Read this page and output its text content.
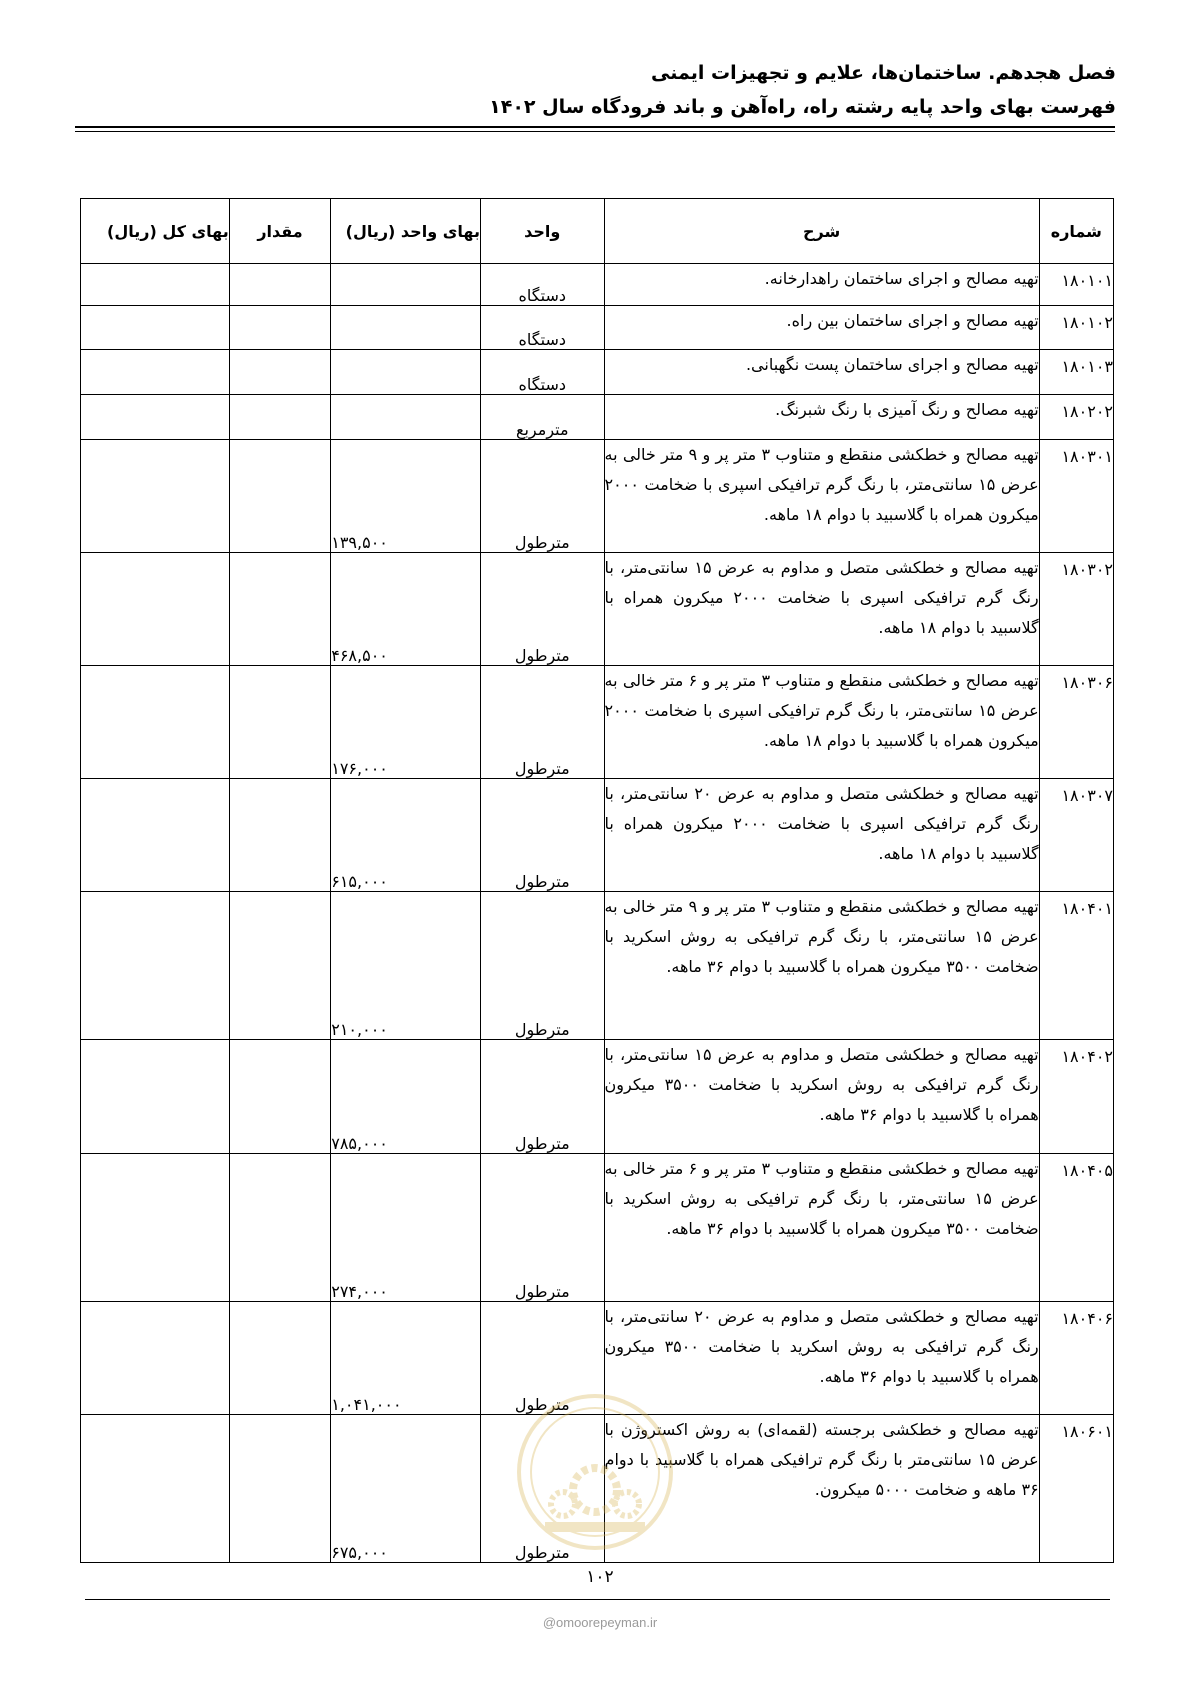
فصل هجدهم. ساختمان‌ها، علایم و تجهیزات ایمنی
فهرست بهای واحد پایه رشته راه، راه‌آهن و باند فرودگاه سال ۱۴۰۲
شماره	شرح	واحد	بهای واحد (ریال)	مقدار	بهای کل (ریال)
۱۸۰۱۰۱	تهیه مصالح و اجرای ساختمان راهدارخانه.	دستگاه			
۱۸۰۱۰۲	تهیه مصالح و اجرای ساختمان بین راه.	دستگاه			
۱۸۰۱۰۳	تهیه مصالح و اجرای ساختمان پست نگهبانی.	دستگاه			
۱۸۰۲۰۲	تهیه مصالح و رنگ آمیزی با رنگ شبرنگ.	مترمربع			
۱۸۰۳۰۱	تهیه مصالح و خطکشی منقطع و متناوب ۳ متر پر و ۹ متر خالی به عرض ۱۵ سانتی‌متر، با رنگ گرم ترافیکی اسپری با ضخامت ۲۰۰۰ میکرون همراه با گلاسبید با دوام ۱۸ ماهه.	مترطول	۱۳۹,۵۰۰		
۱۸۰۳۰۲	تهیه مصالح و خطکشی متصل و مداوم به عرض ۱۵ سانتی‌متر، با رنگ گرم ترافیکی اسپری با ضخامت ۲۰۰۰ میکرون همراه با گلاسبید با دوام ۱۸ ماهه.	مترطول	۴۶۸,۵۰۰		
۱۸۰۳۰۶	تهیه مصالح و خطکشی منقطع و متناوب ۳ متر پر و ۶ متر خالی به عرض ۱۵ سانتی‌متر، با رنگ گرم ترافیکی اسپری با ضخامت ۲۰۰۰ میکرون همراه با گلاسبید با دوام ۱۸ ماهه.	مترطول	۱۷۶,۰۰۰		
۱۸۰۳۰۷	تهیه مصالح و خطکشی متصل و مداوم به عرض ۲۰ سانتی‌متر، با رنگ گرم ترافیکی اسپری با ضخامت ۲۰۰۰ میکرون همراه با گلاسبید با دوام ۱۸ ماهه.	مترطول	۶۱۵,۰۰۰		
۱۸۰۴۰۱	تهیه مصالح و خطکشی منقطع و متناوب ۳ متر پر و ۹ متر خالی به عرض ۱۵ سانتی‌متر، با رنگ گرم ترافیکی به روش اسکرید با ضخامت ۳۵۰۰ میکرون همراه با گلاسبید با دوام ۳۶ ماهه.	مترطول	۲۱۰,۰۰۰		
۱۸۰۴۰۲	تهیه مصالح و خطکشی متصل و مداوم به عرض ۱۵ سانتی‌متر، با رنگ گرم ترافیکی به روش اسکرید با ضخامت ۳۵۰۰ میکرون همراه با گلاسبید با دوام ۳۶ ماهه.	مترطول	۷۸۵,۰۰۰		
۱۸۰۴۰۵	تهیه مصالح و خطکشی منقطع و متناوب ۳ متر پر و ۶ متر خالی به عرض ۱۵ سانتی‌متر، با رنگ گرم ترافیکی به روش اسکرید با ضخامت ۳۵۰۰ میکرون همراه با گلاسبید با دوام ۳۶ ماهه.	مترطول	۲۷۴,۰۰۰		
۱۸۰۴۰۶	تهیه مصالح و خطکشی متصل و مداوم به عرض ۲۰ سانتی‌متر، با رنگ گرم ترافیکی به روش اسکرید با ضخامت ۳۵۰۰ میکرون همراه با گلاسبید با دوام ۳۶ ماهه.	مترطول	۱,۰۴۱,۰۰۰		
۱۸۰۶۰۱	تهیه مصالح و خطکشی برجسته (لقمه‌ای) به روش اکستروژن با عرض ۱۵ سانتی‌متر با رنگ گرم ترافیکی همراه با گلاسبید با دوام ۳۶ ماهه و ضخامت ۵۰۰۰ میکرون.	مترطول	۶۷۵,۰۰۰		
۱۰۲
@omoorepeyman.ir
